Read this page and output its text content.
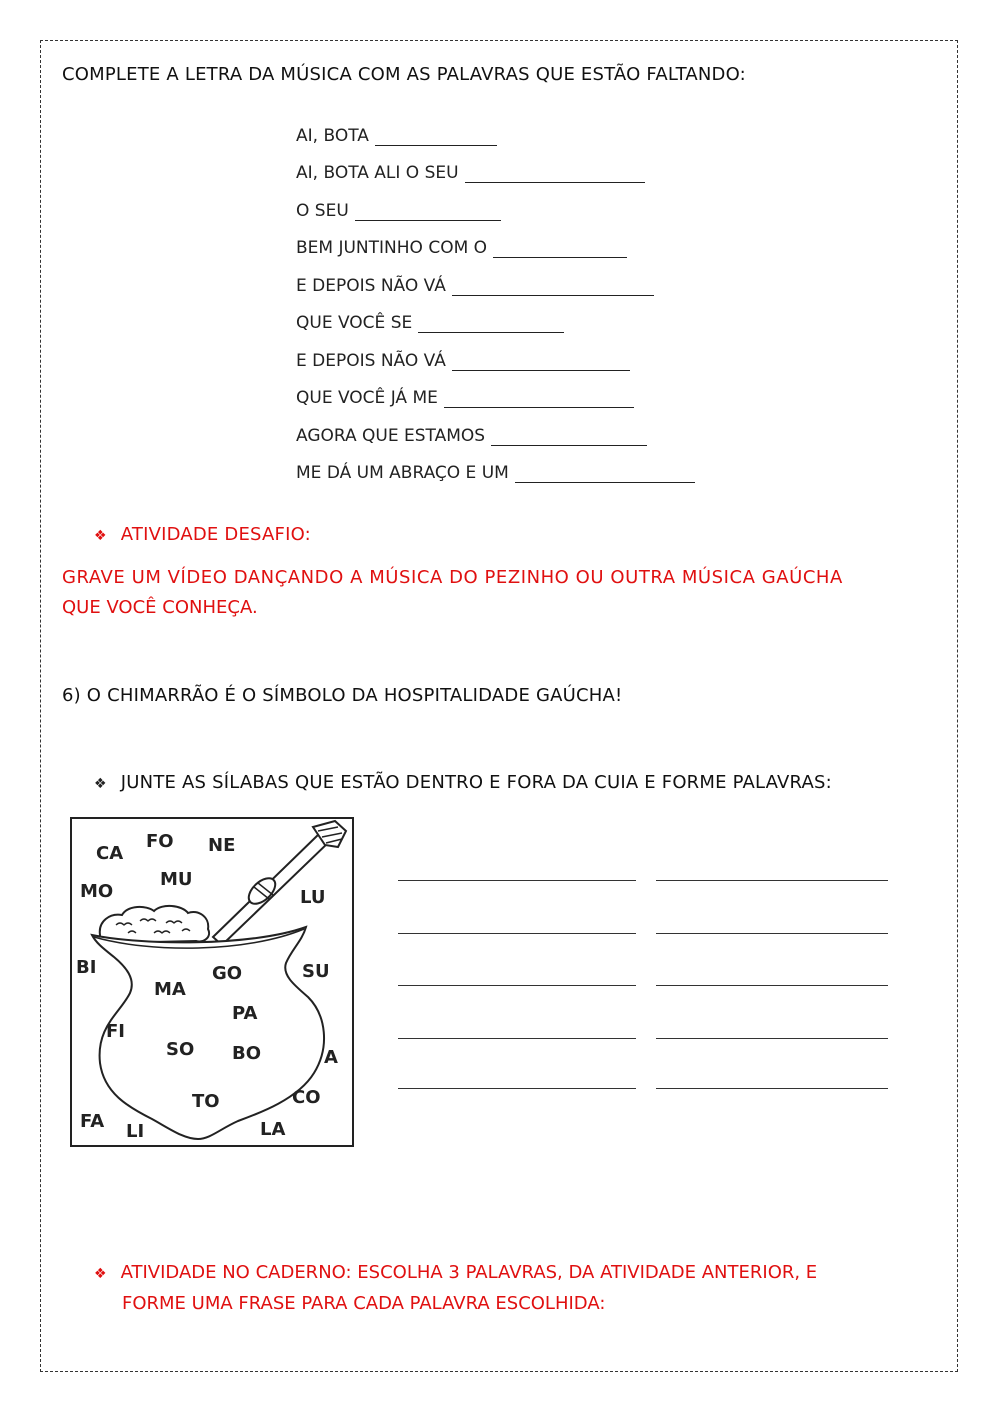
COMPLETE A LETRA DA MÚSICA COM AS PALAVRAS QUE ESTÃO FALTANDO:
AI, BOTA
AI, BOTA ALI O SEU
O SEU
BEM JUNTINHO COM O
E DEPOIS NÃO VÁ
QUE VOCÊ SE
E DEPOIS NÃO VÁ
QUE VOCÊ JÁ ME
AGORA QUE ESTAMOS
ME DÁ UM ABRAÇO E UM
❖ ATIVIDADE DESAFIO:
GRAVE UM VÍDEO DANÇANDO A MÚSICA DO PEZINHO OU OUTRA MÚSICA GAÚCHA
QUE VOCÊ CONHEÇA.
6) O CHIMARRÃO É O SÍMBOLO DA HOSPITALIDADE GAÚCHA!
❖ JUNTE AS SÍLABAS QUE ESTÃO DENTRO E FORA DA CUIA E FORME PALAVRAS:
CA
FO NE
MO
MU
LU
BI	GO	SU
MA
PA
FI
SO BO	A
TO	CO
FA LI	LA
❖ ATIVIDADE NO CADERNO: ESCOLHA 3 PALAVRAS, DA ATIVIDADE ANTERIOR, E
FORME UMA FRASE PARA CADA PALAVRA ESCOLHIDA:
